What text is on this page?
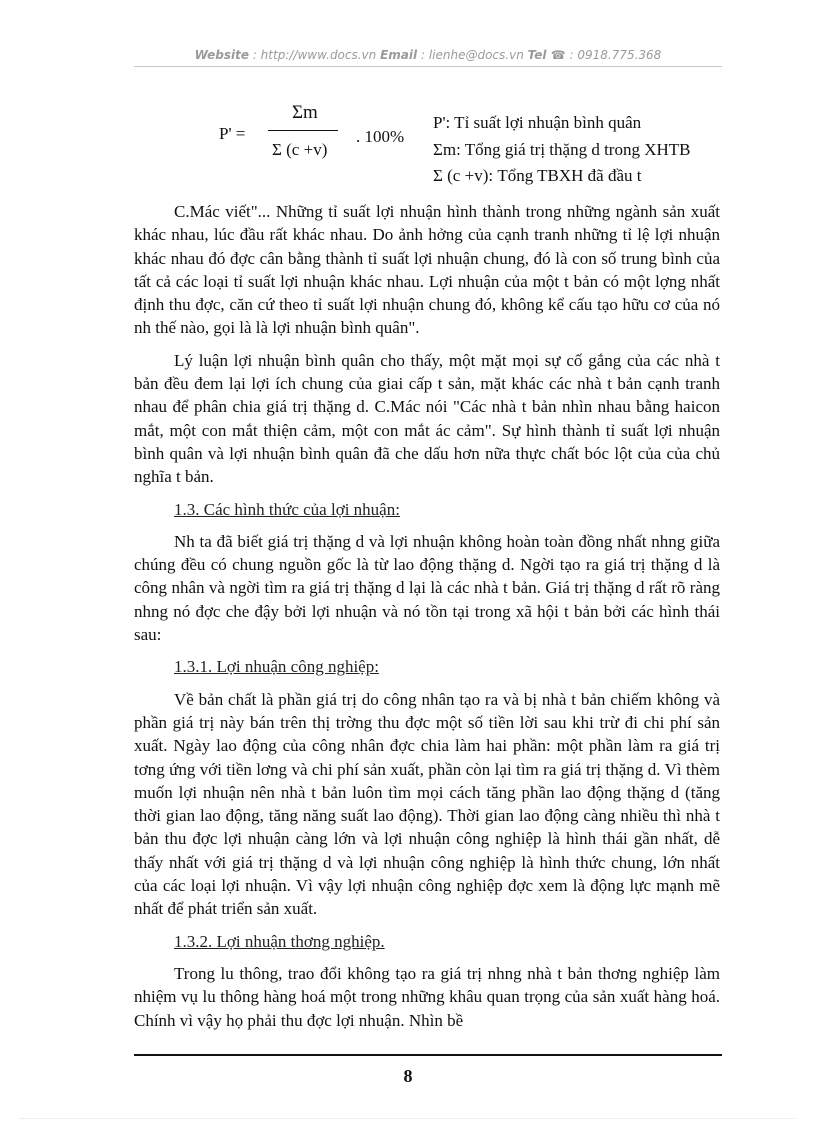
Website : http://www.docs.vn Email : lienhe@docs.vn Tel ☎ : 0918.775.368
P' =
Σm
Σ (c +v)
. 100%
P': Tỉ suất lợi nhuận bình quân
Σm: Tổng giá trị thặng d trong XHTB
Σ (c +v): Tổng TBXH đã đầu t

C.Mác viết"... Những tỉ suất lợi nhuận hình thành trong những ngành sản xuất khác nhau, lúc đầu rất khác nhau. Do ảnh hởng của cạnh tranh những tỉ lệ lợi nhuận khác nhau đó đợc cân bằng thành tỉ suất lợi nhuận chung, đó là con số trung bình của tất cả các loại tỉ suất lợi nhuận khác nhau. Lợi nhuận của một t bản có một lợng nhất định thu đợc, căn cứ theo tỉ suất lợi nhuận chung đó, không kể cấu tạo hữu cơ của nó nh thế nào, gọi là là lợi nhuận bình quân".

Lý luận lợi nhuận bình quân cho thấy, một mặt mọi sự cố gắng của các nhà t bản đều đem lại lợi ích chung của giai cấp t sản, mặt khác các nhà t bản cạnh tranh nhau để phân chia giá trị thặng d. C.Mác nói "Các nhà t bản nhìn nhau bằng haicon mắt, một con mắt thiện cảm, một con mắt ác cảm". Sự hình thành tỉ suất lợi nhuận bình quân và lợi nhuận bình quân đã che dấu hơn nữa thực chất bóc lột của của chủ nghĩa t bản.

1.3. Các hình thức của lợi nhuận:

Nh ta đã biết giá trị thặng d và lợi nhuận không hoàn toàn đồng nhất nhng giữa chúng đều có chung nguồn gốc là từ lao động thặng d. Ngời tạo ra giá trị thặng d là công nhân và ngời tìm ra giá trị thặng d lại là các nhà t bản. Giá trị thặng d rất rõ ràng nhng nó đợc che đậy bởi lợi nhuận và nó tồn tại trong xã hội t bản bởi các hình thái sau:

1.3.1. Lợi nhuận công nghiệp:

Về bản chất là phần giá trị do công nhân tạo ra và bị nhà t bản chiếm không và phần giá trị này bán trên thị trờng thu đợc một số tiền lời sau khi trừ đi chi phí sản xuất. Ngày lao động của công nhân đợc chia làm hai phần: một phần làm ra giá trị tơng ứng với tiền lơng và chi phí sản xuất, phần còn lại tìm ra giá trị thặng d. Vì thèm muốn lợi nhuận nên nhà t bản luôn tìm mọi cách tăng phần lao động thặng d (tăng thời gian lao động, tăng năng suất lao động). Thời gian lao động càng nhiều thì nhà t bản thu đợc lợi nhuận càng lớn và lợi nhuận công nghiệp là hình thái gần nhất, dễ thấy nhất với giá trị thặng d và lợi nhuận công nghiệp là hình thức chung, lớn nhất của các loại lợi nhuận. Vì vậy lợi nhuận công nghiệp đợc xem là động lực mạnh mẽ nhất để phát triển sản xuất.

1.3.2. Lợi nhuận thơng nghiệp.

Trong lu thông, trao đổi không tạo ra giá trị nhng nhà t bản thơng nghiệp làm nhiệm vụ lu thông hàng hoá một trong những khâu quan trọng của sản xuất hàng hoá. Chính vì vậy họ phải thu đợc lợi nhuận. Nhìn bề

8
